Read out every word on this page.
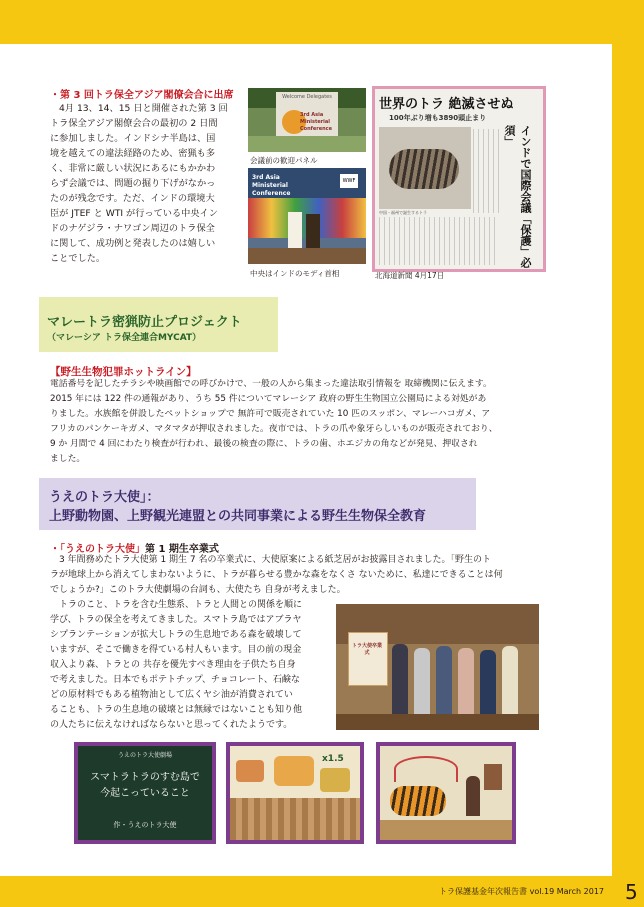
・第 3 回トラ保全アジア閣僚会合に出席
4月 13、14、15 日と開催された第 3 回
トラ保全アジア閣僚会合の最初の 2 日間
に参加しました。インドシナ半島は、国
境を越えての違法経路のため、密猟も多
く、非常に厳しい状況にあるにもかかわ
らず会議では、問題の掘り下げがなかっ
たのが残念です。ただ、インドの環境大
臣が JTEF と WTI が行っている中央イン
ドのナゲジラ・ナワゴン周辺のトラ保全
に関して、成功例と発表したのは嬉しい
ことでした。
Welcome Delegates
3rd Asia Ministerial Conference
会議前の歓迎パネル
3rd Asia Ministerial Conference
WWF
中央はインドのモディ首相
世界のトラ 絶滅させぬ
100年ぶり増も3890頭止まり
中国・福州で誕生するトラ	インドで国際会議「保護」必須」
北海道新聞 4月17日
マレートラ密猟防止プロジェクト
（マレーシア トラ保全連合MYCAT）
【野生生物犯罪ホットライン】
電話番号を記したチラシや映画館での呼びかけで、一般の人から集まった違法取引情報を 取締機関に伝えます。
2015 年には 122 件の通報があり、うち 55 件についてマレーシア 政府の野生生物国立公園局による対処があ
りました。水族館を併設したペットショップで 無許可で販売されていた 10 匹のスッポン、マレーハコガメ、ア
フリカのパンケーキガメ、マタマタが押収されました。夜市では、トラの爪や象牙らしいものが販売されており、
9 か 月間で 4 回にわたり検査が行われ、最後の検査の際に、トラの歯、ホエジカの角などが発見、押収され
ました。
うえのトラ大使」：
上野動物園、上野観光連盟との共同事業による野生生物保全教育
・「うえのトラ大使」第 1 期生卒業式
3 年間務めたトラ大使第 1 期生 7 名の卒業式に、大使原案による紙芝居がお披露目されました。「野生のト
ラが地球上から消えてしまわないように、トラが暮らせる豊かな森をなくさ ないために、私達にできることは何
でしょうか?」このトラ大使劇場の台詞も、大使たち 自身が考えました。
トラのこと、トラを含む生態系、トラと人間との関係を順に
学び、トラの保全を考えてきました。スマトラ島ではアブラヤ
シプランテーションが拡大しトラの生息地である森を破壊して
いますが、そこで働きを得ている村人もいます。目の前の現金
収入より森、トラとの 共存を優先すべき理由を子供たち自身
で考えました。日本でもポテトチップ、チョコレート、石鹸な
どの原材料でもある植物油として広くヤシ油が消費されてい
ることも、トラの生息地の破壊とは無縁ではないことも知り他
の人たちに伝えなければならないと思ってくれたようです。
トラ大使卒業式
うえのトラ大使劇場
スマトラトラのすむ島で
今起こっていること
作・うえのトラ大使
x1.5
トラ保護基金年次報告書 vol.19 March 2017 5
